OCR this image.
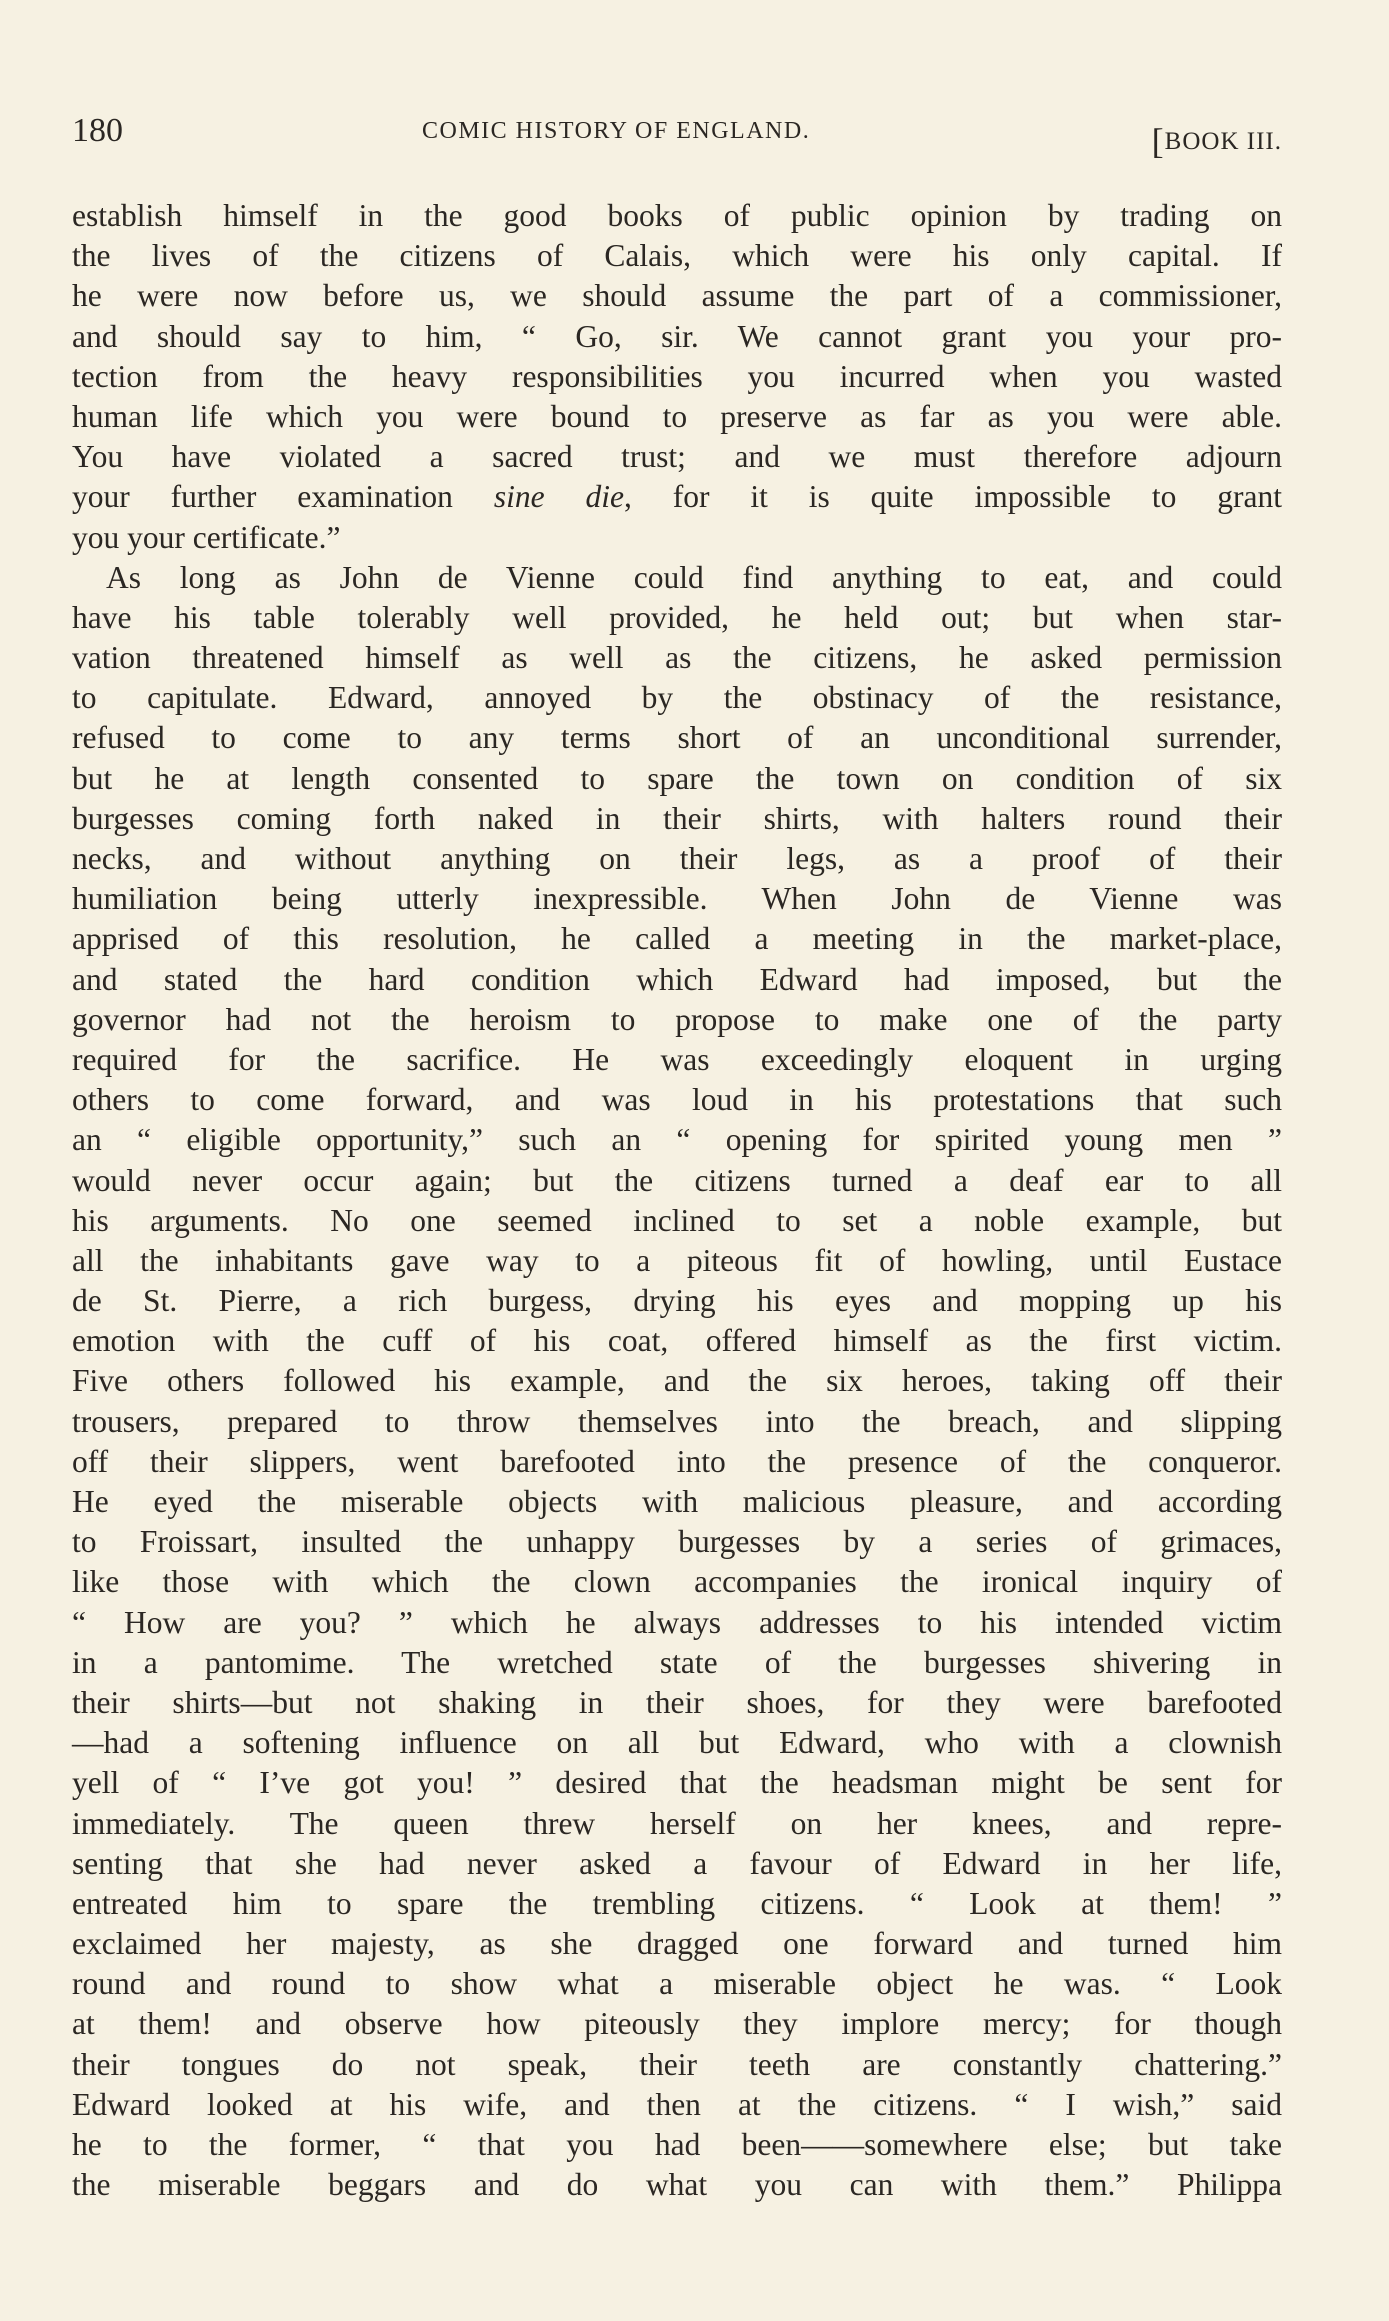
180	COMIC HISTORY OF ENGLAND.	[BOOK III.
establish himself in the good books of public opinion by trading on
the lives of the citizens of Calais, which were his only capital. If
he were now before us, we should assume the part of a commissioner,
and should say to him, “ Go, sir. We cannot grant you your pro-
tection from the heavy responsibilities you incurred when you wasted
human life which you were bound to preserve as far as you were able.
You have violated a sacred trust; and we must therefore adjourn
your further examination sine die, for it is quite impossible to grant
you your certificate.”
As long as John de Vienne could find anything to eat, and could
have his table tolerably well provided, he held out; but when star-
vation threatened himself as well as the citizens, he asked permission
to capitulate. Edward, annoyed by the obstinacy of the resistance,
refused to come to any terms short of an unconditional surrender,
but he at length consented to spare the town on condition of six
burgesses coming forth naked in their shirts, with halters round their
necks, and without anything on their legs, as a proof of their
humiliation being utterly inexpressible. When John de Vienne was
apprised of this resolution, he called a meeting in the market-place,
and stated the hard condition which Edward had imposed, but the
governor had not the heroism to propose to make one of the party
required for the sacrifice. He was exceedingly eloquent in urging
others to come forward, and was loud in his protestations that such
an “ eligible opportunity,” such an “ opening for spirited young men ”
would never occur again; but the citizens turned a deaf ear to all
his arguments. No one seemed inclined to set a noble example, but
all the inhabitants gave way to a piteous fit of howling, until Eustace
de St. Pierre, a rich burgess, drying his eyes and mopping up his
emotion with the cuff of his coat, offered himself as the first victim.
Five others followed his example, and the six heroes, taking off their
trousers, prepared to throw themselves into the breach, and slipping
off their slippers, went barefooted into the presence of the conqueror.
He eyed the miserable objects with malicious pleasure, and according
to Froissart, insulted the unhappy burgesses by a series of grimaces,
like those with which the clown accompanies the ironical inquiry of
“ How are you? ” which he always addresses to his intended victim
in a pantomime. The wretched state of the burgesses shivering in
their shirts—but not shaking in their shoes, for they were barefooted
—had a softening influence on all but Edward, who with a clownish
yell of “ I’ve got you! ” desired that the headsman might be sent for
immediately. The queen threw herself on her knees, and repre-
senting that she had never asked a favour of Edward in her life,
entreated him to spare the trembling citizens. “ Look at them! ”
exclaimed her majesty, as she dragged one forward and turned him
round and round to show what a miserable object he was. “ Look
at them! and observe how piteously they implore mercy; for though
their tongues do not speak, their teeth are constantly chattering.”
Edward looked at his wife, and then at the citizens. “ I wish,” said
he to the former, “ that you had been——somewhere else; but take
the miserable beggars and do what you can with them.” Philippa
